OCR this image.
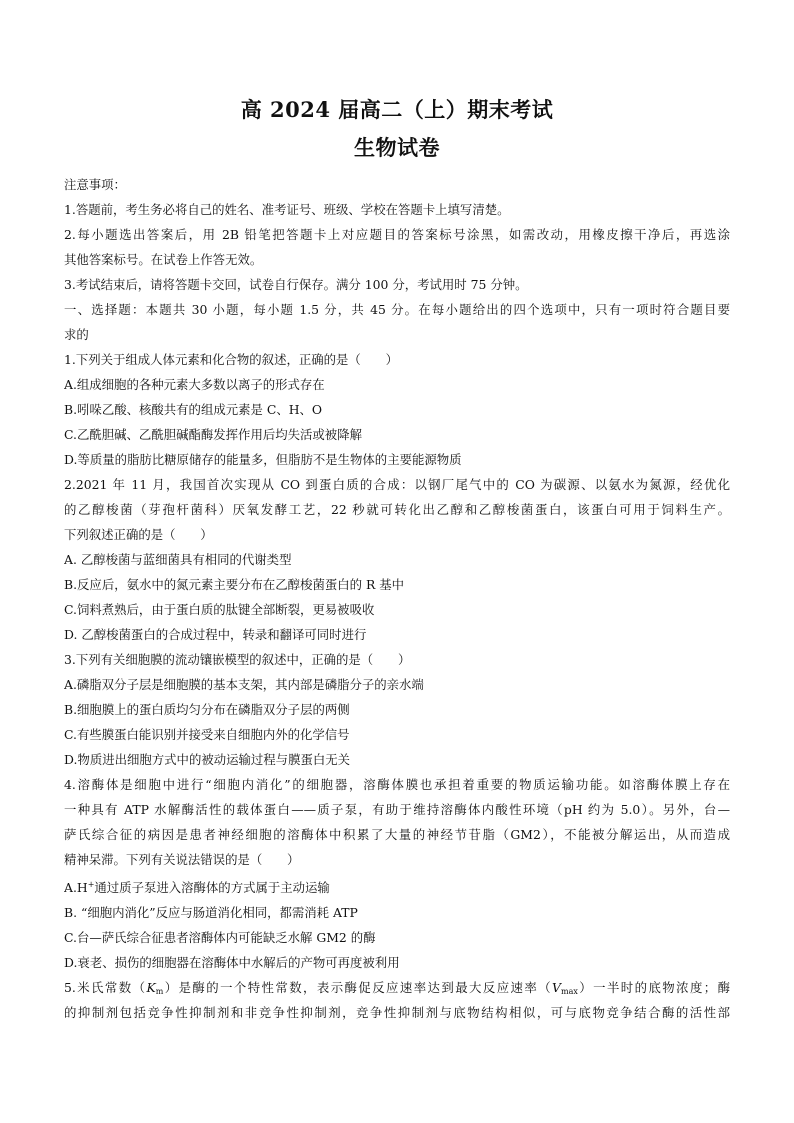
高 2024 届高二（上）期末考试
生物试卷
注意事项：
1.答题前，考生务必将自己的姓名、准考证号、班级、学校在答题卡上填写清楚。
2.每小题选出答案后，用 2B 铅笔把答题卡上对应题目的答案标号涂黑，如需改动，用橡皮擦干净后，再选涂
其他答案标号。在试卷上作答无效。
3.考试结束后，请将答题卡交回，试卷自行保存。满分 100 分，考试用时 75 分钟。
一、选择题：本题共 30 小题，每小题 1.5 分，共 45 分。在每小题给出的四个选项中，只有一项时符合题目要
求的
1.下列关于组成人体元素和化合物的叙述，正确的是（　　）
A.组成细胞的各种元素大多数以离子的形式存在
B.吲哚乙酸、核酸共有的组成元素是 C、H、O
C.乙酰胆碱、乙酰胆碱酯酶发挥作用后均失活或被降解
D.等质量的脂肪比糖原储存的能量多，但脂肪不是生物体的主要能源物质
2.2021 年 11 月，我国首次实现从 CO 到蛋白质的合成：以钢厂尾气中的 CO 为碳源、以氨水为氮源，经优化
的乙醇梭菌（芽孢杆菌科）厌氧发酵工艺，22 秒就可转化出乙醇和乙醇梭菌蛋白，该蛋白可用于饲料生产。
下列叙述正确的是（　　）
A. 乙醇梭菌与蓝细菌具有相同的代谢类型
B.反应后，氨水中的氮元素主要分布在乙醇梭菌蛋白的 R 基中
C.饲料煮熟后，由于蛋白质的肽键全部断裂，更易被吸收
D. 乙醇梭菌蛋白的合成过程中，转录和翻译可同时进行
3.下列有关细胞膜的流动镶嵌模型的叙述中，正确的是（　　）
A.磷脂双分子层是细胞膜的基本支架，其内部是磷脂分子的亲水端
B.细胞膜上的蛋白质均匀分布在磷脂双分子层的两侧
C.有些膜蛋白能识别并接受来自细胞内外的化学信号
D.物质进出细胞方式中的被动运输过程与膜蛋白无关
4.溶酶体是细胞中进行“细胞内消化”的细胞器，溶酶体膜也承担着重要的物质运输功能。如溶酶体膜上存在
一种具有 ATP 水解酶活性的载体蛋白——质子泵，有助于维持溶酶体内酸性环境（pH 约为 5.0）。另外，台—
萨氏综合征的病因是患者神经细胞的溶酶体中积累了大量的神经节苷脂（GM2），不能被分解运出，从而造成
精神呆滞。下列有关说法错误的是（　　）
A.H+通过质子泵进入溶酶体的方式属于主动运输
B. “细胞内消化”反应与肠道消化相同，都需消耗 ATP
C.台—萨氏综合征患者溶酶体内可能缺乏水解 GM2 的酶
D.衰老、损伤的细胞器在溶酶体中水解后的产物可再度被利用
5.米氏常数$(K_m)$是酶的一个特性常数，表示酶促反应速率达到最大反应速率$(V_{max})$一半时的底物浓度；酶
的抑制剂包括竞争性抑制剂和非竞争性抑制剂，竞争性抑制剂与底物结构相似，可与底物竞争结合酶的活性部
